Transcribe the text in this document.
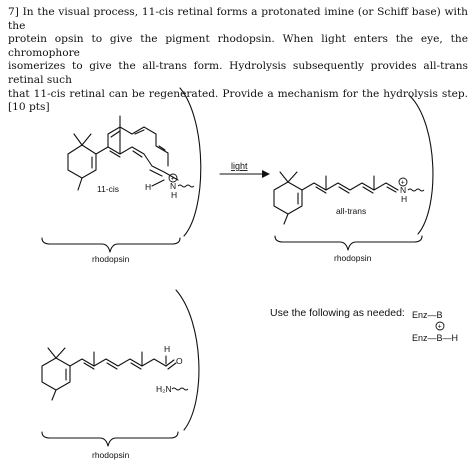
7] In the visual process, 11-cis retinal forms a protonated imine (or Schiff base) with the
protein opsin to give the pigment rhodopsin. When light enters the eye, the chromophore
isomerizes to give the all-trans form. Hydrolysis subsequently provides all-trans retinal such
that 11-cis retinal can be regenerated. Provide a mechanism for the hydrolysis step. [10 pts]
11-cis	H N
H
+
rhodopsin
light
N
H
+
all-trans
rhodopsin
H
O
H₂N
rhodopsin
Enz—B
+
Enz—B—H
Use the following as needed:
